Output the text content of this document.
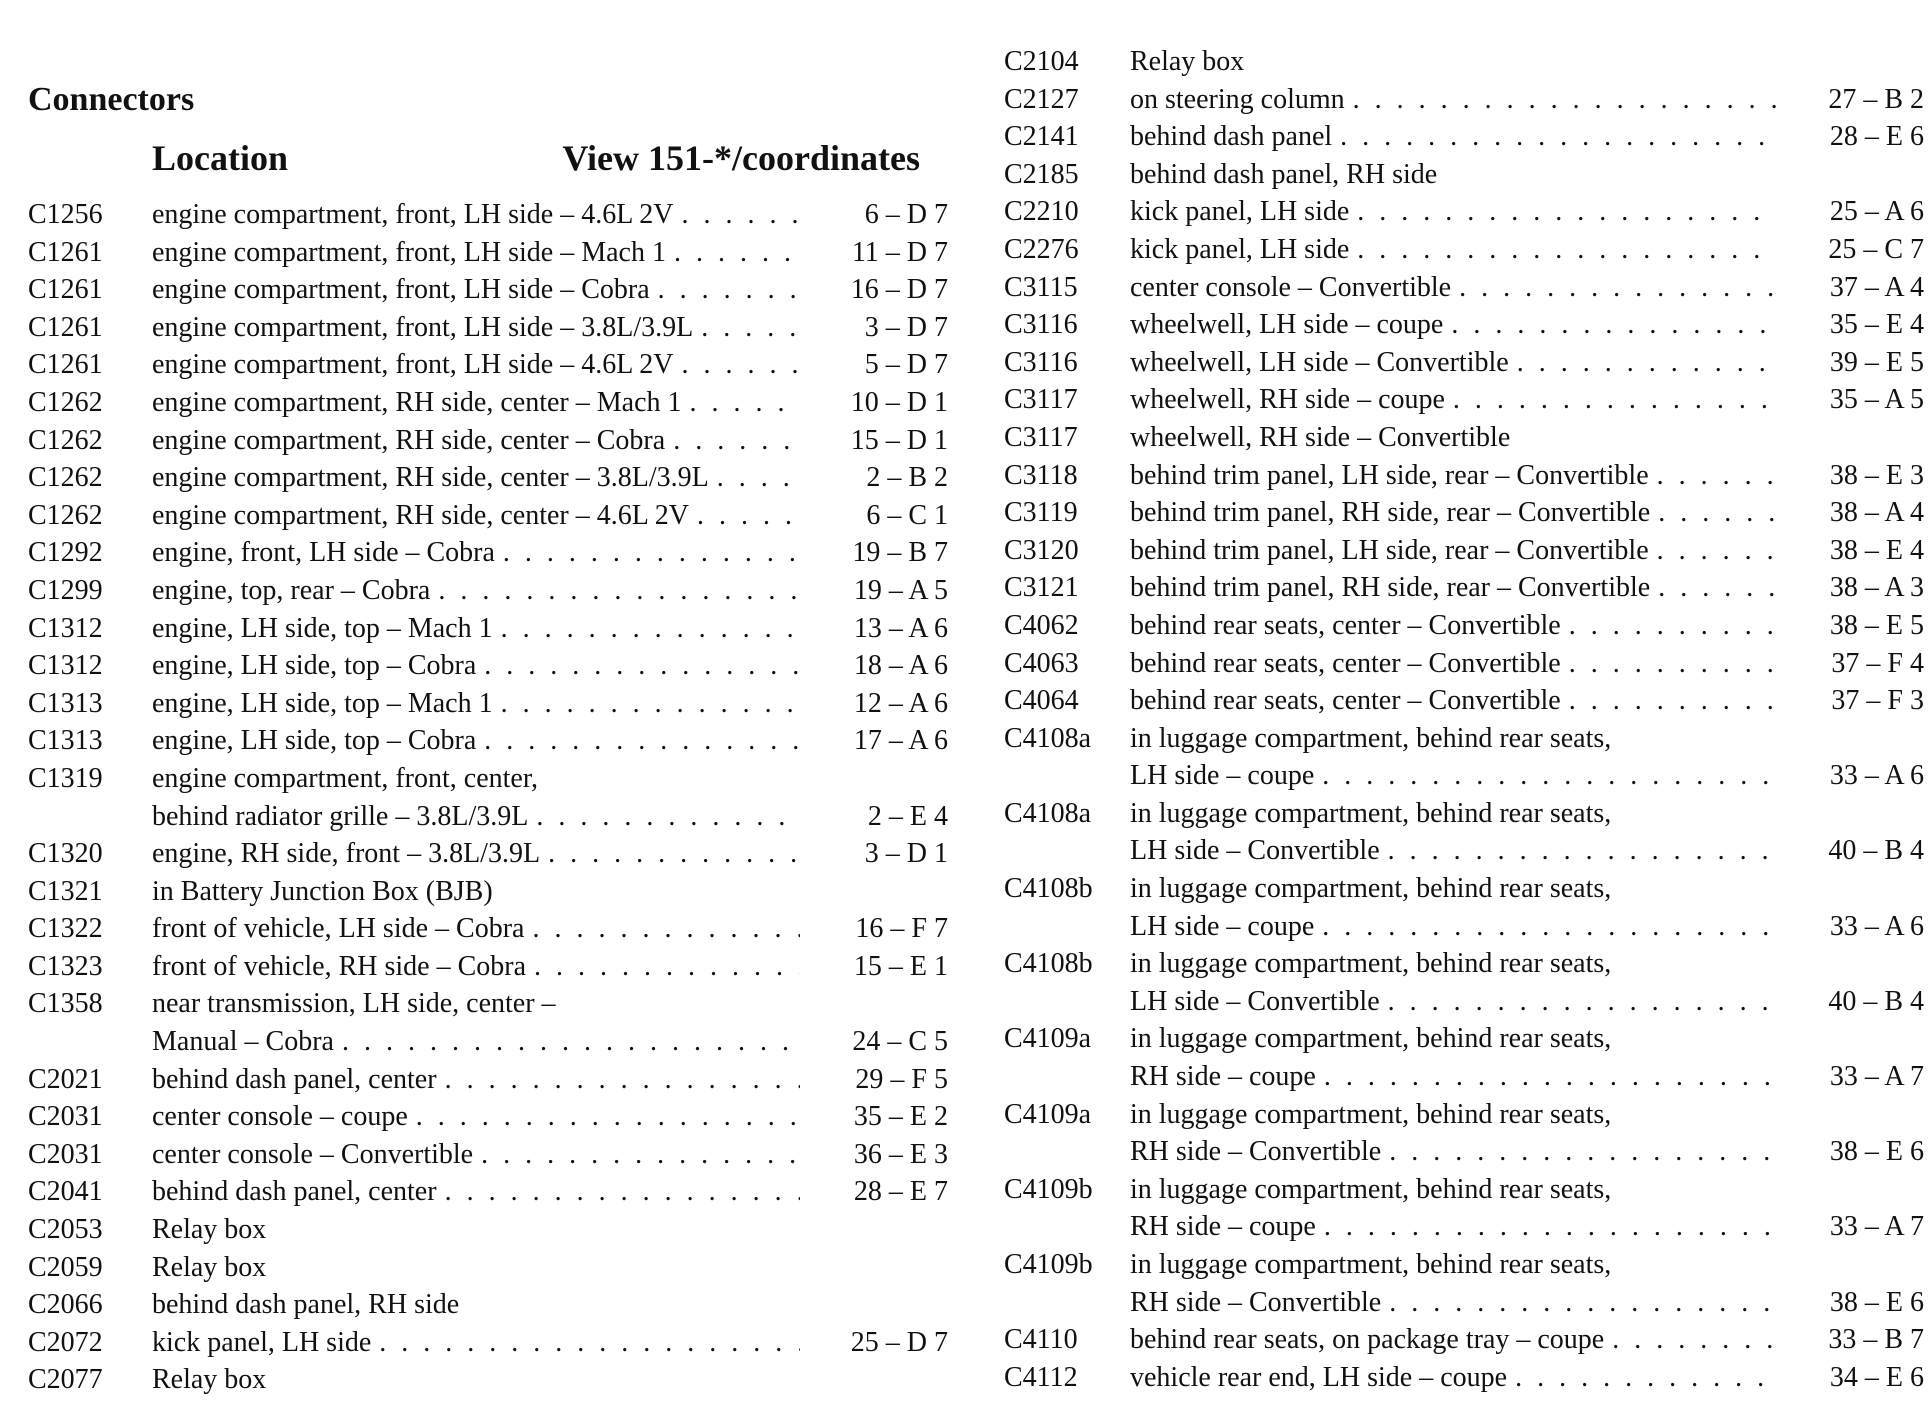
Connectors
Location	View 151-*/coordinates
C1256	engine compartment, front, LH side – 4.6L 2V . . .	6 – D 7
C1261	engine compartment, front, LH side – Mach 1 . . .	11 – D 7
C1261	engine compartment, front, LH side – Cobra . . .	16 – D 7
C1261	engine compartment, front, LH side – 3.8L/3.9L . . .	3 – D 7
C1261	engine compartment, front, LH side – 4.6L 2V . . .	5 – D 7
C1262	engine compartment, RH side, center – Mach 1 . . .	10 – D 1
C1262	engine compartment, RH side, center – Cobra . . .	15 – D 1
C1262	engine compartment, RH side, center – 3.8L/3.9L . . .	2 – B 2
C1262	engine compartment, RH side, center – 4.6L 2V . . .	6 – C 1
C1292	engine, front, LH side – Cobra . . .	19 – B 7
C1299	engine, top, rear – Cobra . . .	19 – A 5
C1312	engine, LH side, top – Mach 1 . . .	13 – A 6
C1312	engine, LH side, top – Cobra . . .	18 – A 6
C1313	engine, LH side, top – Mach 1 . . .	12 – A 6
C1313	engine, LH side, top – Cobra . . .	17 – A 6
C1319	engine compartment, front, center,
behind radiator grille – 3.8L/3.9L . . .	2 – E 4
C1320	engine, RH side, front – 3.8L/3.9L . . .	3 – D 1
C1321	in Battery Junction Box (BJB)
C1322	front of vehicle, LH side – Cobra . . .	16 – F 7
C1323	front of vehicle, RH side – Cobra . . .	15 – E 1
C1358	near transmission, LH side, center –
Manual – Cobra . . .	24 – C 5
C2021	behind dash panel, center . . .	29 – F 5
C2031	center console – coupe . . .	35 – E 2
C2031	center console – Convertible . . .	36 – E 3
C2041	behind dash panel, center . . .	28 – E 7
C2053	Relay box
C2059	Relay box
C2066	behind dash panel, RH side
C2072	kick panel, LH side . . .	25 – D 7
C2077	Relay box
C2104	Relay box
C2127	on steering column . . .	27 – B 2
C2141	behind dash panel . . .	28 – E 6
C2185	behind dash panel, RH side
C2210	kick panel, LH side . . .	25 – A 6
C2276	kick panel, LH side . . .	25 – C 7
C3115	center console – Convertible . . .	37 – A 4
C3116	wheelwell, LH side – coupe . . .	35 – E 4
C3116	wheelwell, LH side – Convertible . . .	39 – E 5
C3117	wheelwell, RH side – coupe . . .	35 – A 5
C3117	wheelwell, RH side – Convertible
C3118	behind trim panel, LH side, rear – Convertible . . .	38 – E 3
C3119	behind trim panel, RH side, rear – Convertible . . .	38 – A 4
C3120	behind trim panel, LH side, rear – Convertible . . .	38 – E 4
C3121	behind trim panel, RH side, rear – Convertible . . .	38 – A 3
C4062	behind rear seats, center – Convertible . . .	38 – E 5
C4063	behind rear seats, center – Convertible . . .	37 – F 4
C4064	behind rear seats, center – Convertible . . .	37 – F 3
C4108a	in luggage compartment, behind rear seats,
LH side – coupe . . .	33 – A 6
C4108a	in luggage compartment, behind rear seats,
LH side – Convertible . . .	40 – B 4
C4108b	in luggage compartment, behind rear seats,
LH side – coupe . . .	33 – A 6
C4108b	in luggage compartment, behind rear seats,
LH side – Convertible . . .	40 – B 4
C4109a	in luggage compartment, behind rear seats,
RH side – coupe . . .	33 – A 7
C4109a	in luggage compartment, behind rear seats,
RH side – Convertible . . .	38 – E 6
C4109b	in luggage compartment, behind rear seats,
RH side – coupe . . .	33 – A 7
C4109b	in luggage compartment, behind rear seats,
RH side – Convertible . . .	38 – E 6
C4110	behind rear seats, on package tray – coupe . . .	33 – B 7
C4112	vehicle rear end, LH side – coupe . . .	34 – E 6
